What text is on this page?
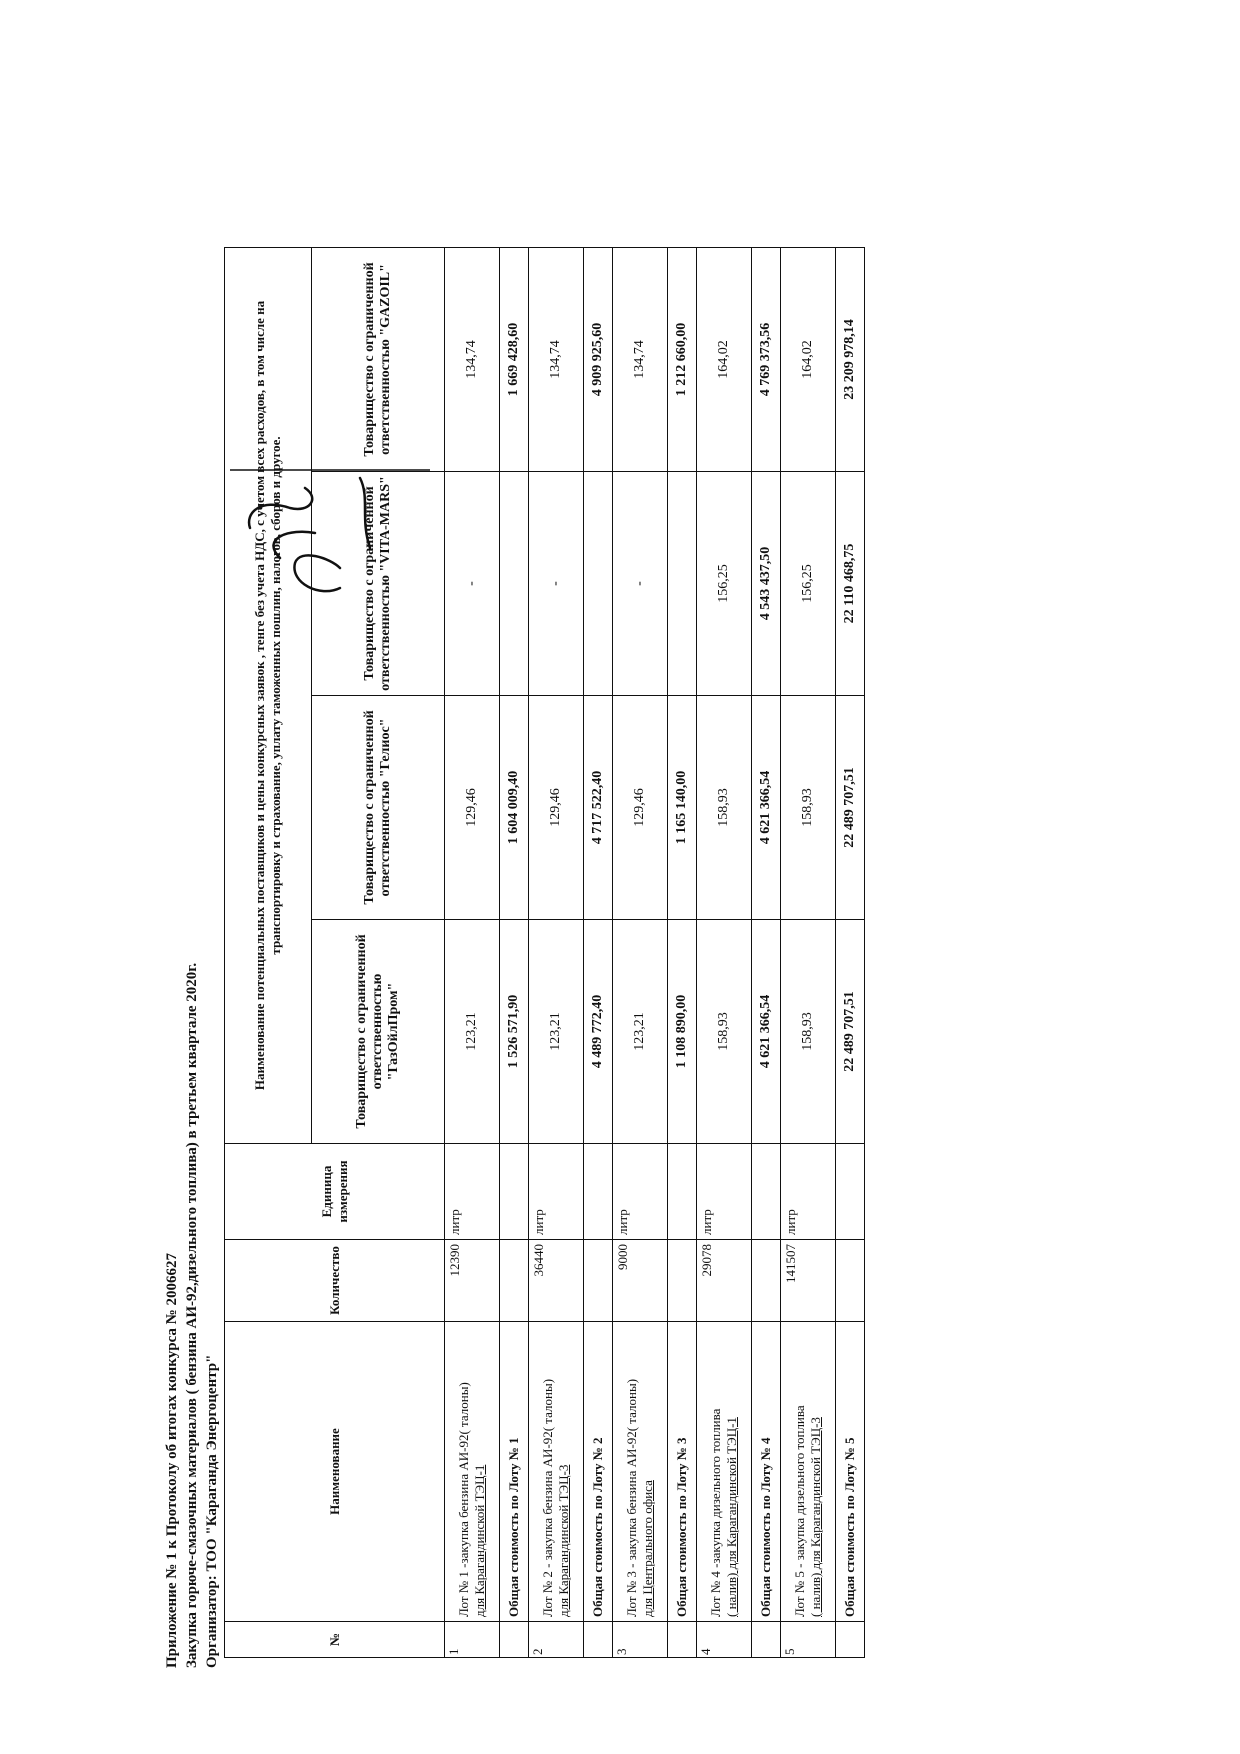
Приложение № 1 к Протоколу об итогах конкурса № 2006627 Закупка горюче-смазочных материалов ( бензина АИ-92,дизельного топлива) в третьем квартале 2020г. Организатор: ТОО "Караганда Энергоцентр"	№	Наименование	Количество	Единица измерения	Наименование потенциальных поставщиков и цены конкурсных заявок , тенге без учета НДС, с учетом всех расходов, в том числе на транспортировку и страхование, уплату таможенных пошлин, налогов, сборов и другое.			
				Товарищество с ограниченной ответственностью "ГазОйлПром"	Товарищество с ограниченной ответственностью "Гелиос"	Товарищество с ограниченной ответственностью "VITA-MARS"	Товарищество с ограниченной ответственностью "GAZOIL"
1	Лот № 1 -закупка бензина АИ-92( талоны) для Карагандинской ТЭЦ-1	12390	литр	123,21	129,46	-	134,74
	Общая стоимость по Лоту № 1			1 526 571,90	1 604 009,40		1 669 428,60
2	Лот № 2 - закупка бензина АИ-92( талоны) для Карагандинской ТЭЦ-3	36440	литр	123,21	129,46	-	134,74
	Общая стоимость по Лоту № 2			4 489 772,40	4 717 522,40		4 909 925,60
3	Лот № 3 - закупка бензина АИ-92( талоны) для Центрального офиса	9000	литр	123,21	129,46	-	134,74
	Общая стоимость по Лоту № 3			1 108 890,00	1 165 140,00		1 212 660,00
4	Лот № 4 -закупка дизельного топлива ( налив) для Карагандинской ТЭЦ-1	29078	литр	158,93	158,93	156,25	164,02
	Общая стоимость по Лоту № 4			4 621 366,54	4 621 366,54	4 543 437,50	4 769 373,56
5	Лот № 5 - закупка дизельного топлива ( налив) для Карагандинской ТЭЦ-3	141507	литр	158,93	158,93	156,25	164,02
	Общая стоимость по Лоту № 5			22 489 707,51	22 489 707,51	22 110 468,75	23 209 978,14
